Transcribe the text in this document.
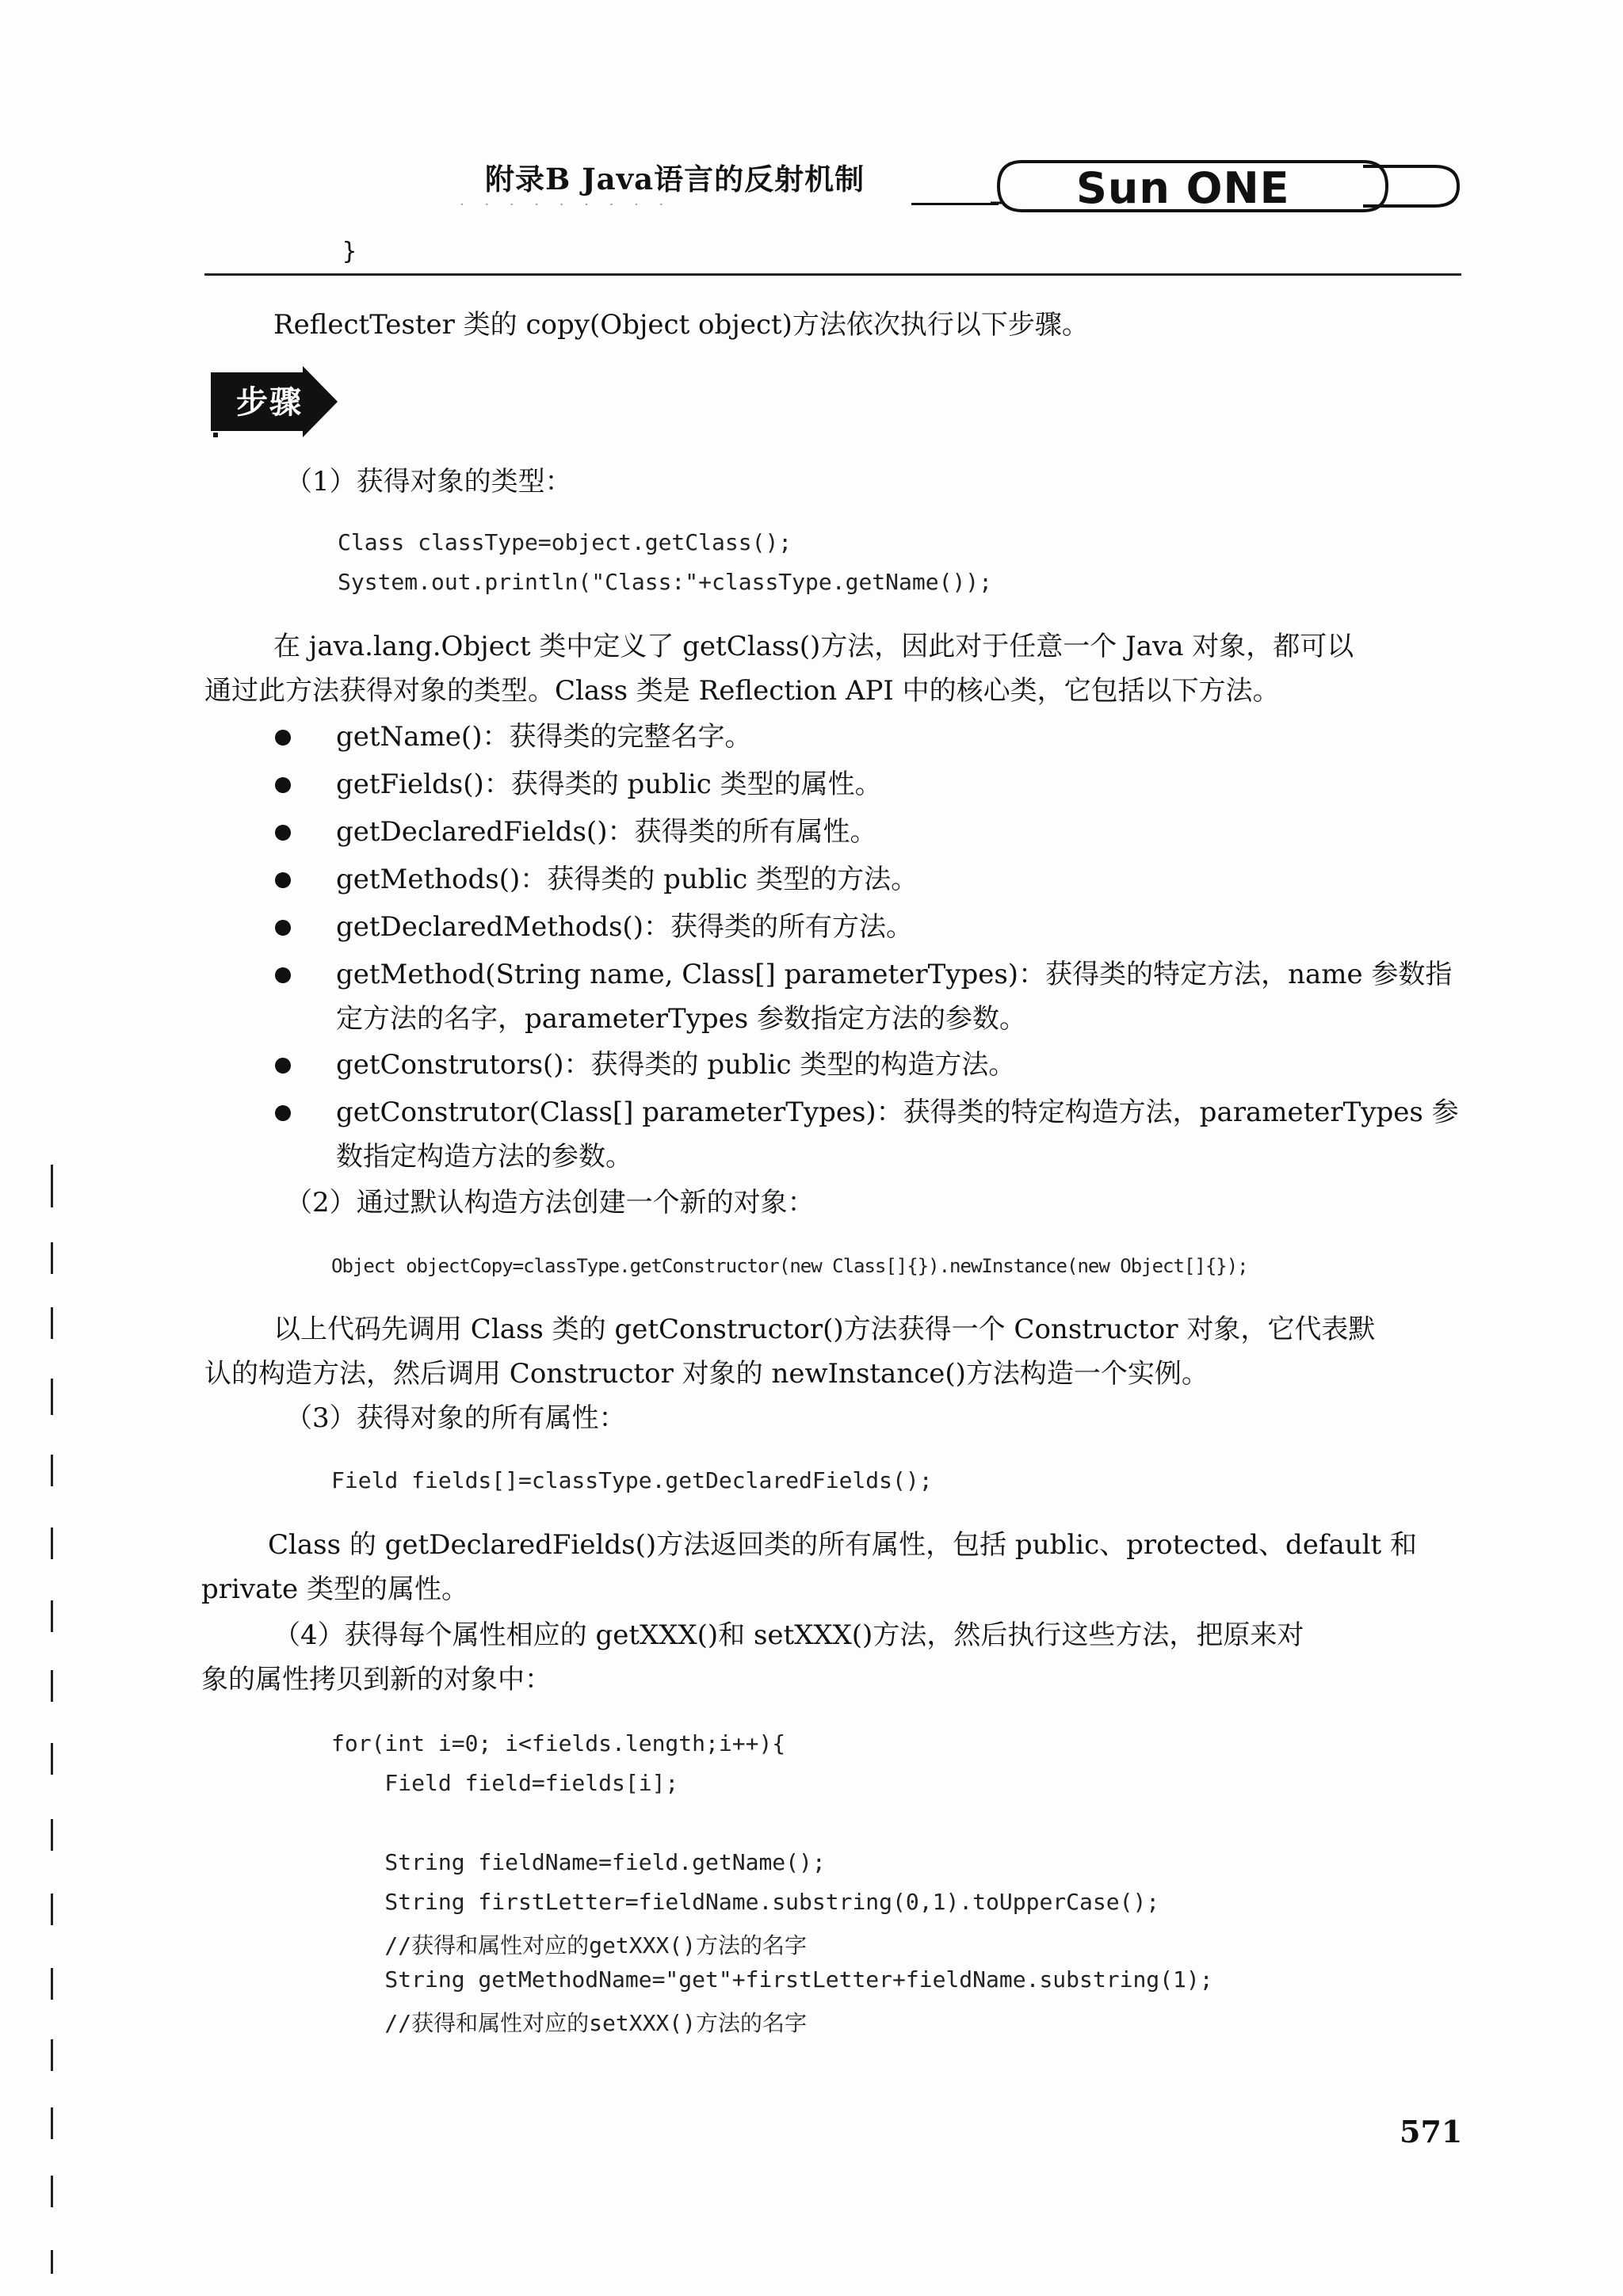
附录B Java语言的反射机制
· · · · · · · · ·	Sun ONE
}
ReflectTester 类的 copy(Object object)方法依次执行以下步骤。
步骤
（1）获得对象的类型：
Class classType=object.getClass();
System.out.println("Class:"+classType.getName());
在 java.lang.Object 类中定义了 getClass()方法，因此对于任意一个 Java 对象，都可以
通过此方法获得对象的类型。Class 类是 Reflection API 中的核心类，它包括以下方法。
getName()：获得类的完整名字。
getFields()：获得类的 public 类型的属性。
getDeclaredFields()：获得类的所有属性。
getMethods()：获得类的 public 类型的方法。
getDeclaredMethods()：获得类的所有方法。
getMethod(String name, Class[] parameterTypes)：获得类的特定方法，name 参数指
定方法的名字，parameterTypes 参数指定方法的参数。
getConstrutors()：获得类的 public 类型的构造方法。
getConstrutor(Class[] parameterTypes)：获得类的特定构造方法，parameterTypes 参
数指定构造方法的参数。
（2）通过默认构造方法创建一个新的对象：
Object objectCopy=classType.getConstructor(new Class[]{}).newInstance(new Object[]{});
以上代码先调用 Class 类的 getConstructor()方法获得一个 Constructor 对象，它代表默
认的构造方法，然后调用 Constructor 对象的 newInstance()方法构造一个实例。
（3）获得对象的所有属性：
Field fields[]=classType.getDeclaredFields();
Class 的 getDeclaredFields()方法返回类的所有属性，包括 public、protected、default 和
private 类型的属性。
（4）获得每个属性相应的 getXXX()和 setXXX()方法，然后执行这些方法，把原来对
象的属性拷贝到新的对象中：
for(int i=0; i<fields.length;i++){
Field field=fields[i];
String fieldName=field.getName();
String firstLetter=fieldName.substring(0,1).toUpperCase();
//获得和属性对应的getXXX()方法的名字
String getMethodName="get"+firstLetter+fieldName.substring(1);
//获得和属性对应的setXXX()方法的名字
571
